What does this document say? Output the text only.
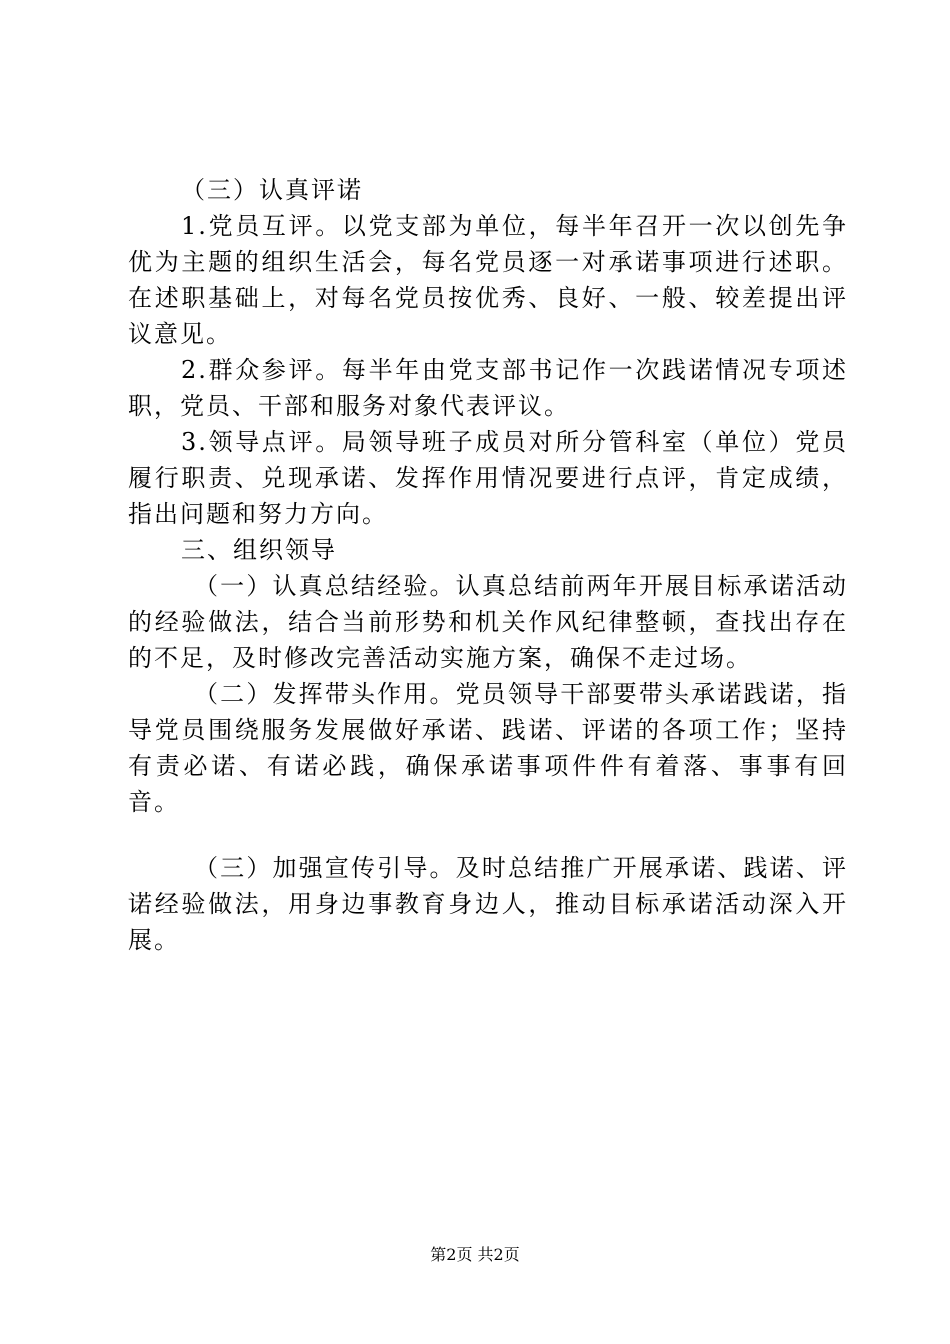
（三）认真评诺

1.党员互评。以党支部为单位，每半年召开一次以创先争优为主题的组织生活会，每名党员逐一对承诺事项进行述职。在述职基础上，对每名党员按优秀、良好、一般、较差提出评议意见。

2.群众参评。每半年由党支部书记作一次践诺情况专项述职，党员、干部和服务对象代表评议。

3.领导点评。局领导班子成员对所分管科室（单位）党员履行职责、兑现承诺、发挥作用情况要进行点评，肯定成绩，指出问题和努力方向。

三、组织领导

（一）认真总结经验。认真总结前两年开展目标承诺活动的经验做法，结合当前形势和机关作风纪律整顿，查找出存在的不足，及时修改完善活动实施方案，确保不走过场。

（二）发挥带头作用。党员领导干部要带头承诺践诺，指导党员围绕服务发展做好承诺、践诺、评诺的各项工作；坚持有责必诺、有诺必践，确保承诺事项件件有着落、事事有回音。

（三）加强宣传引导。及时总结推广开展承诺、践诺、评诺经验做法，用身边事教育身边人，推动目标承诺活动深入开展。

第2页 共2页
